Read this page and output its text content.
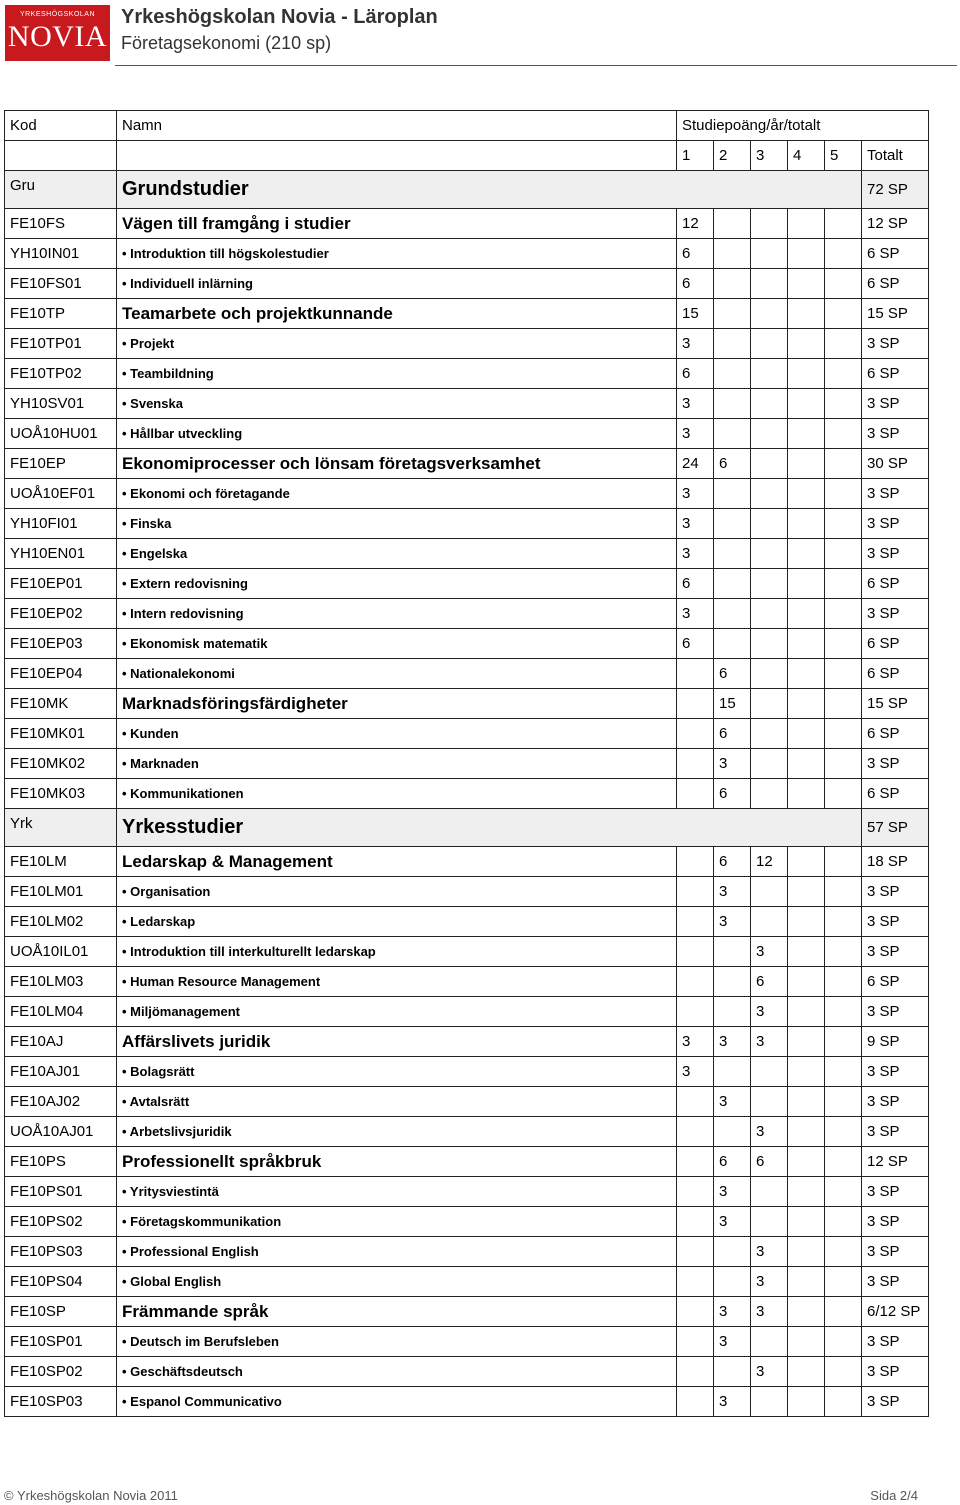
YRKESHÖGSKOLAN
NOVIA
Yrkeshögskolan Novia - Läroplan
Företagsekonomi (210 sp)
Kod	Namn	Studiepoäng/år/totalt					
		1	2	3	4	5	Totalt
Gru	Grundstudier						72 SP
FE10FS	Vägen till framgång i studier	12					12 SP
YH10IN01	• Introduktion till högskolestudier	6					6 SP
FE10FS01	• Individuell inlärning	6					6 SP
FE10TP	Teamarbete och projektkunnande	15					15 SP
FE10TP01	• Projekt	3					3 SP
FE10TP02	• Teambildning	6					6 SP
YH10SV01	• Svenska	3					3 SP
UOÅ10HU01	• Hållbar utveckling	3					3 SP
FE10EP	Ekonomiprocesser och lönsam företagsverksamhet	24	6				30 SP
UOÅ10EF01	• Ekonomi och företagande	3					3 SP
YH10FI01	• Finska	3					3 SP
YH10EN01	• Engelska	3					3 SP
FE10EP01	• Extern redovisning	6					6 SP
FE10EP02	• Intern redovisning	3					3 SP
FE10EP03	• Ekonomisk matematik	6					6 SP
FE10EP04	• Nationalekonomi		6				6 SP
FE10MK	Marknadsföringsfärdigheter		15				15 SP
FE10MK01	• Kunden		6				6 SP
FE10MK02	• Marknaden		3				3 SP
FE10MK03	• Kommunikationen		6				6 SP
Yrk	Yrkesstudier						57 SP
FE10LM	Ledarskap & Management		6	12			18 SP
FE10LM01	• Organisation		3				3 SP
FE10LM02	• Ledarskap		3				3 SP
UOÅ10IL01	• Introduktion till interkulturellt ledarskap			3			3 SP
FE10LM03	• Human Resource Management			6			6 SP
FE10LM04	• Miljömanagement			3			3 SP
FE10AJ	Affärslivets juridik	3	3	3			9 SP
FE10AJ01	• Bolagsrätt	3					3 SP
FE10AJ02	• Avtalsrätt		3				3 SP
UOÅ10AJ01	• Arbetslivsjuridik			3			3 SP
FE10PS	Professionellt språkbruk		6	6			12 SP
FE10PS01	• Yritysviestintä		3				3 SP
FE10PS02	• Företagskommunikation		3				3 SP
FE10PS03	• Professional English			3			3 SP
FE10PS04	• Global English			3			3 SP
FE10SP	Främmande språk		3	3			6/12 SP
FE10SP01	• Deutsch im Berufsleben		3				3 SP
FE10SP02	• Geschäftsdeutsch			3			3 SP
FE10SP03	• Espanol Communicativo		3				3 SP
© Yrkeshögskolan Novia 2011	Sida 2/4
